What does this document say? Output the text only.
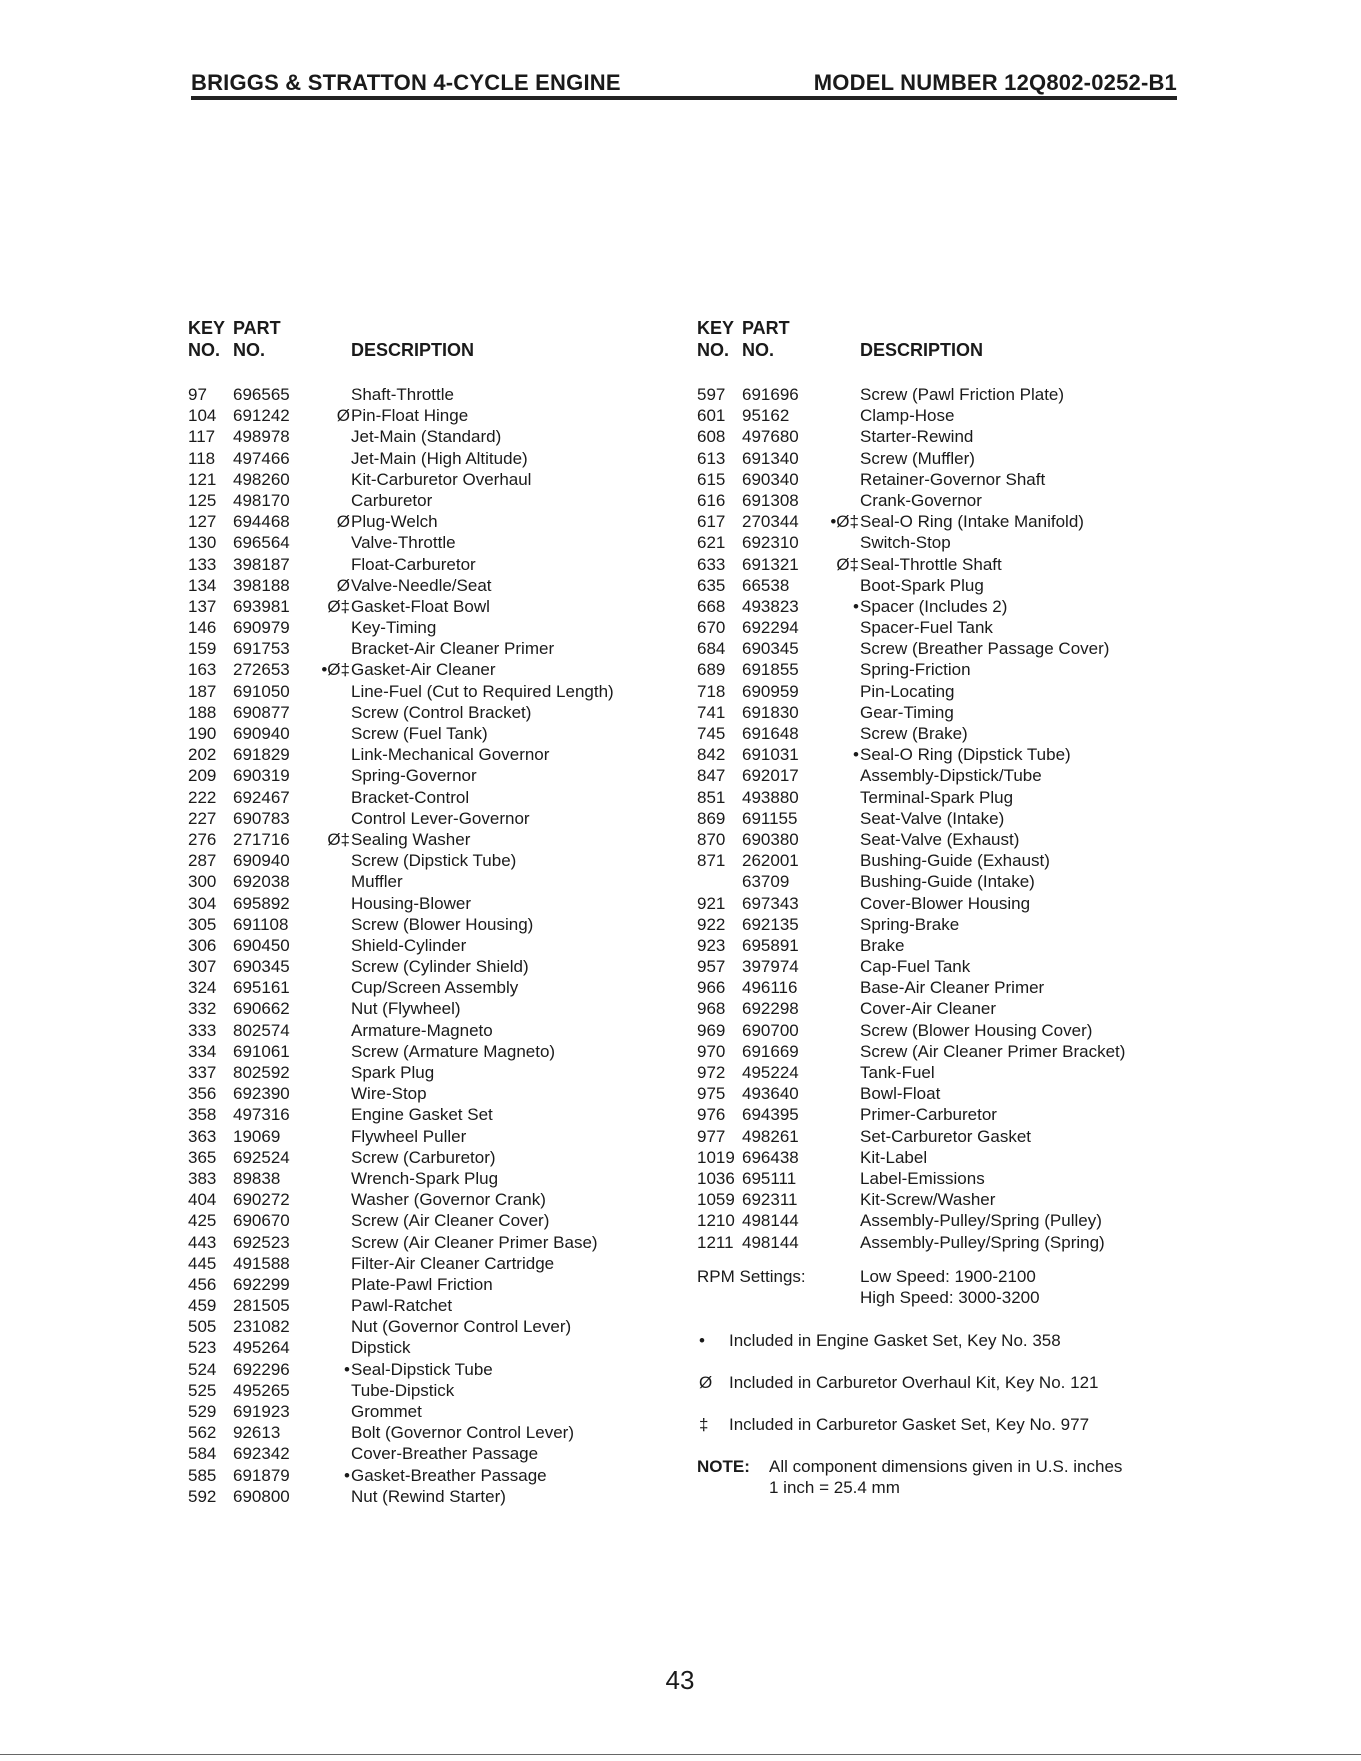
BRIGGS & STRATTON 4-CYCLE ENGINE	MODEL NUMBER 12Q802-0252-B1
KEY
NO.
PART
NO.	DESCRIPTION
97 696565	Shaft-Throttle
104 691242	Ø Pin-Float Hinge
117 498978	Jet-Main (Standard)
118 497466	Jet-Main (High Altitude)
121 498260	Kit-Carburetor Overhaul
125 498170	Carburetor
127 694468	Ø Plug-Welch
130 696564	Valve-Throttle
133 398187	Float-Carburetor
134 398188	Ø Valve-Needle/Seat
137 693981	Ø‡ Gasket-Float Bowl
146 690979	Key-Timing
159 691753	Bracket-Air Cleaner Primer
163 272653 •Ø‡ Gasket-Air Cleaner
187 691050	Line-Fuel (Cut to Required Length)
188 690877	Screw (Control Bracket)
190 690940	Screw (Fuel Tank)
202 691829	Link-Mechanical Governor
209 690319	Spring-Governor
222 692467	Bracket-Control
227 690783	Control Lever-Governor
276 271716	Ø‡ Sealing Washer
287 690940	Screw (Dipstick Tube)
300 692038	Muffler
304 695892	Housing-Blower
305 691108	Screw (Blower Housing)
306 690450	Shield-Cylinder
307 690345	Screw (Cylinder Shield)
324 695161	Cup/Screen Assembly
332 690662	Nut (Flywheel)
333 802574	Armature-Magneto
334 691061	Screw (Armature Magneto)
337 802592	Spark Plug
356 692390	Wire-Stop
358 497316	Engine Gasket Set
363 19069	Flywheel Puller
365 692524	Screw (Carburetor)
383 89838	Wrench-Spark Plug
404 690272	Washer (Governor Crank)
425 690670	Screw (Air Cleaner Cover)
443 692523	Screw (Air Cleaner Primer Base)
445 491588	Filter-Air Cleaner Cartridge
456 692299	Plate-Pawl Friction
459 281505	Pawl-Ratchet
505 231082	Nut (Governor Control Lever)
523 495264	Dipstick
524 692296	• Seal-Dipstick Tube
525 495265	Tube-Dipstick
529 691923	Grommet
562 92613	Bolt (Governor Control Lever)
584 692342	Cover-Breather Passage
585 691879	• Gasket-Breather Passage
592 690800	Nut (Rewind Starter)
KEY
NO.
PART
NO.	DESCRIPTION
597 691696	Screw (Pawl Friction Plate)
601 95162	Clamp-Hose
608 497680	Starter-Rewind
613 691340	Screw (Muffler)
615 690340	Retainer-Governor Shaft
616 691308	Crank-Governor
617 270344 •Ø‡ Seal-O Ring (Intake Manifold)
621 692310	Switch-Stop
633 691321	Ø‡ Seal-Throttle Shaft
635 66538	Boot-Spark Plug
668 493823	• Spacer (Includes 2)
670 692294	Spacer-Fuel Tank
684 690345	Screw (Breather Passage Cover)
689 691855	Spring-Friction
718 690959	Pin-Locating
741 691830	Gear-Timing
745 691648	Screw (Brake)
842 691031	• Seal-O Ring (Dipstick Tube)
847 692017	Assembly-Dipstick/Tube
851 493880	Terminal-Spark Plug
869 691155	Seat-Valve (Intake)
870 690380	Seat-Valve (Exhaust)
871 262001	Bushing-Guide (Exhaust)
63709	Bushing-Guide (Intake)
921 697343	Cover-Blower Housing
922 692135	Spring-Brake
923 695891	Brake
957 397974	Cap-Fuel Tank
966 496116	Base-Air Cleaner Primer
968 692298	Cover-Air Cleaner
969 690700	Screw (Blower Housing Cover)
970 691669	Screw (Air Cleaner Primer Bracket)
972 495224	Tank-Fuel
975 493640	Bowl-Float
976 694395	Primer-Carburetor
977 498261	Set-Carburetor Gasket
1019 696438	Kit-Label
1036 695111	Label-Emissions
1059 692311	Kit-Screw/Washer
1210 498144	Assembly-Pulley/Spring (Pulley)
1211 498144	Assembly-Pulley/Spring (Spring)
RPM Settings:	Low Speed: 1900-2100
High Speed: 3000-3200
• Included in Engine Gasket Set, Key No. 358
Ø Included in Carburetor Overhaul Kit, Key No. 121
‡ Included in Carburetor Gasket Set, Key No. 977
NOTE: All component dimensions given in U.S. inches
1 inch = 25.4 mm
43
